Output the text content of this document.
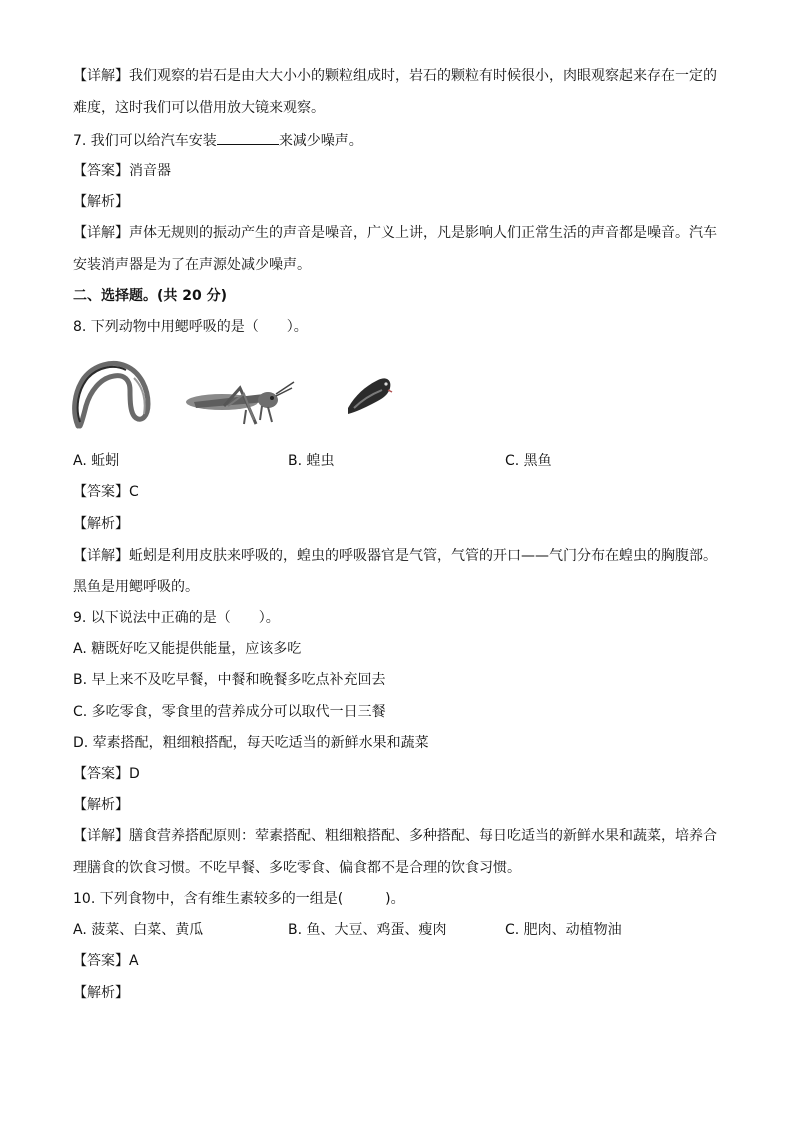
【详解】我们观察的岩石是由大大小小的颗粒组成时，岩石的颗粒有时候很小，肉眼观察起来存在一定的
难度，这时我们可以借用放大镜来观察。
7. 我们可以给汽车安装	来减少噪声。
【答案】消音器
【解析】
【详解】声体无规则的振动产生的声音是噪音，广义上讲，凡是影响人们正常生活的声音都是噪音。汽车
安装消声器是为了在声源处减少噪声。
二、选择题。(共 20 分)
8. 下列动物中用鳃呼吸的是（　　）。
A. 蚯蚓	B. 蝗虫	C. 黑鱼
【答案】C
【解析】
【详解】蚯蚓是利用皮肤来呼吸的，蝗虫的呼吸器官是气管，气管的开口——气门分布在蝗虫的胸腹部。
黑鱼是用鳃呼吸的。
9. 以下说法中正确的是（　　）。
A. 糖既好吃又能提供能量，应该多吃
B. 早上来不及吃早餐，中餐和晚餐多吃点补充回去
C. 多吃零食，零食里的营养成分可以取代一日三餐
D. 荤素搭配，粗细粮搭配，每天吃适当的新鲜水果和蔬菜
【答案】D
【解析】
【详解】膳食营养搭配原则：荤素搭配、粗细粮搭配、多种搭配、每日吃适当的新鲜水果和蔬菜，培养合
理膳食的饮食习惯。不吃早餐、多吃零食、偏食都不是合理的饮食习惯。
10. 下列食物中，含有维生素较多的一组是(　　　)。
A. 菠菜、白菜、黄瓜	B. 鱼、大豆、鸡蛋、瘦肉	C. 肥肉、动植物油
【答案】A
【解析】
